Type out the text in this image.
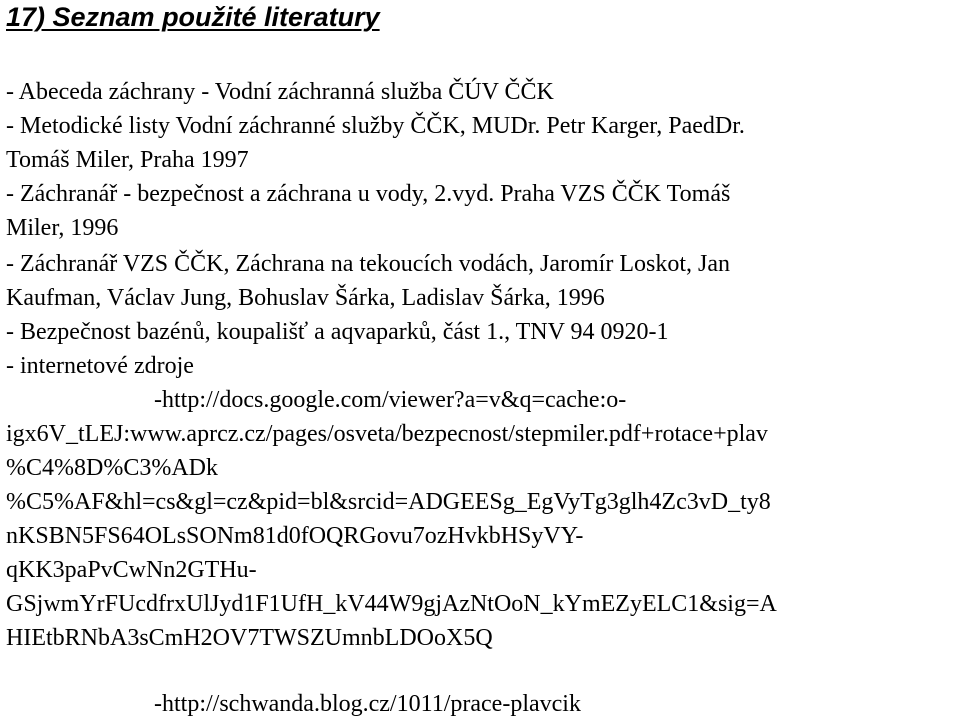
17) Seznam použité literatury

- Abeceda záchrany - Vodní záchranná služba ČÚV ČČK

- Metodické listy Vodní záchranné služby ČČK, MUDr. Petr Karger, PaedDr.

Tomáš Miler, Praha 1997

- Záchranář - bezpečnost a záchrana u vody, 2.vyd. Praha VZS ČČK Tomáš

Miler, 1996

- Záchranář VZS ČČK, Záchrana na tekoucích vodách, Jaromír Loskot, Jan

Kaufman, Václav Jung, Bohuslav Šárka, Ladislav Šárka, 1996

- Bezpečnost bazénů, koupališť a aqvaparků, část 1., TNV 94 0920-1

- internetové zdroje

-http://docs.google.com/viewer?a=v&q=cache:o-

igx6V_tLEJ:www.aprcz.cz/pages/osveta/bezpecnost/stepmiler.pdf+rotace+plav

%C4%8D%C3%ADk

%C5%AF&hl=cs&gl=cz&pid=bl&srcid=ADGEESg_EgVyTg3glh4Zc3vD_ty8

nKSBN5FS64OLsSONm81d0fOQRGovu7ozHvkbHSyVY-

qKK3paPvCwNn2GTHu-

GSjwmYrFUcdfrxUlJyd1F1UfH_kV44W9gjAzNtOoN_kYmEZyELC1&sig=A

HIEtbRNbA3sCmH2OV7TWSZUmnbLDOoX5Q

-http://schwanda.blog.cz/1011/prace-plavcik
